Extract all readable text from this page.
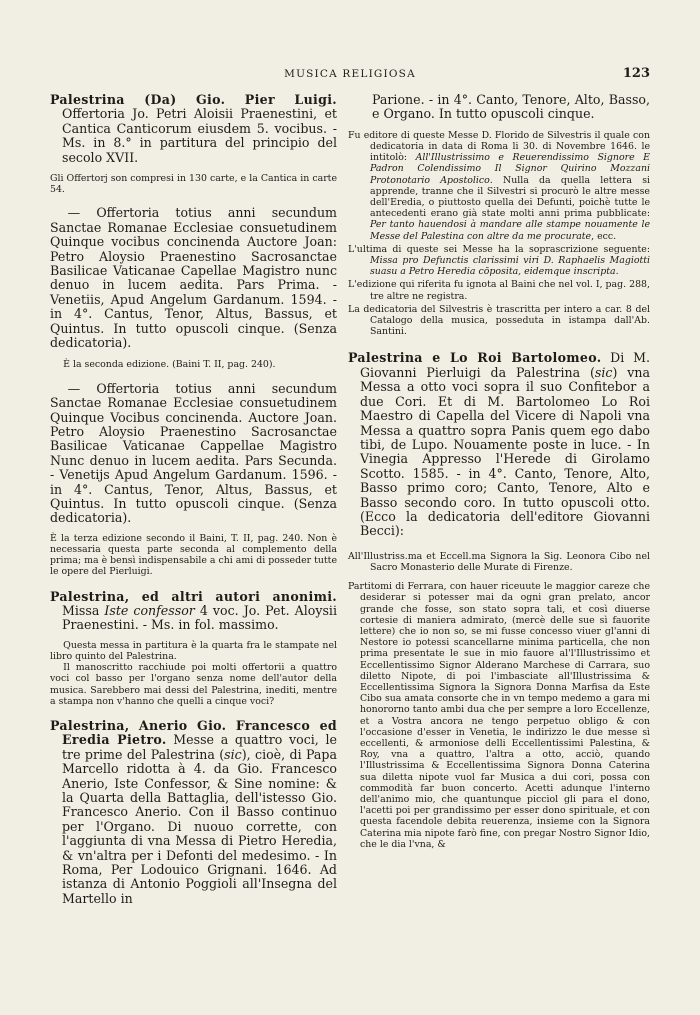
MUSICA RELIGIOSA	123

Palestrina (Da) Gio. Pier Luigi. Offertoria Jo. Petri Aloisii Praenestini, et Cantica Canticorum eiusdem 5. vocibus. - Ms. in 8.° in partitura del principio del secolo XVII.

Gli Offertorj son compresi in 130 carte, e la Cantica in carte 54.

— Offertoria totius anni secundum Sanctae Romanae Ecclesiae consuetudinem Quinque vocibus concinenda Auctore Joan: Petro Aloysio Praenestino Sacrosanctae Basilicae Vaticanae Capellae Magistro nunc denuo in lucem aedita. Pars Prima. - Venetiis, Apud Angelum Gardanum. 1594. - in 4°. Cantus, Tenor, Altus, Bassus, et Quintus. In tutto opuscoli cinque. (Senza dedicatoria).

È la seconda edizione. (Baini T. II, pag. 240).

— Offertoria totius anni secundum Sanctae Romanae Ecclesiae consuetudinem Quinque Vocibus concinenda. Auctore Joan. Petro Aloysio Praenestino Sacrosanctae Basilicae Vaticanae Cappellae Magistro Nunc denuo in lucem aedita. Pars Secunda. - Venetijs Apud Angelum Gardanum. 1596. - in 4°. Cantus, Tenor, Altus, Bassus, et Quintus. In tutto opuscoli cinque. (Senza dedicatoria).

È la terza edizione secondo il Baini, T. II, pag. 240. Non è necessaria questa parte seconda al complemento della prima; ma è bensì indispensabile a chi ami di posseder tutte le opere del Pierluigi.

Palestrina, ed altri autori anonimi. Missa Iste confessor 4 voc. Jo. Pet. Aloysii Praenestini. - Ms. in fol. massimo.

Questa messa in partitura è la quarta fra le stampate nel libro quinto del Palestrina.

Il manoscritto racchiude poi molti offertorii a quattro voci col basso per l'organo senza nome dell'autor della musica. Sarebbero mai dessi del Palestrina, inediti, mentre a stampa non v'hanno che quelli a cinque voci?

Palestrina, Anerio Gio. Francesco ed Eredia Pietro. Messe a quattro voci, le tre prime del Palestrina (sic), cioè, di Papa Marcello ridotta à 4. da Gio. Francesco Anerio, Iste Confessor, & Sine nomine: & la Quarta della Battaglia, dell'istesso Gio. Francesco Anerio. Con il Basso continuo per l'Organo. Di nuouo corrette, con l'aggiunta di vna Messa di Pietro Heredia, & vn'altra per i Defonti del medesimo. - In Roma, Per Lodouico Grignani. 1646. Ad istanza di Antonio Poggioli all'Insegna del Martello in

Parione. - in 4°. Canto, Tenore, Alto, Basso, e Organo. In tutto opuscoli cinque.

Fu editore di queste Messe D. Florido de Silvestris il quale con dedicatoria in data di Roma li 30. di Novembre 1646. le intitolò: All'Illustrissimo e Reuerendissimo Signore E Padron Colendissimo Il Signor Quirino Mozzani Protonotario Apostolico. Nulla da quella lettera si apprende, tranne che il Silvestri si procurò le altre messe dell'Eredia, o piuttosto quella dei Defunti, poichè tutte le antecedenti erano già state molti anni prima pubblicate: Per tanto hauendosi à mandare alle stampe nouamente le Messe del Palestina con altre da me procurate, ecc.

L'ultima di queste sei Messe ha la soprascrizione seguente: Missa pro Defunctis clarissimi viri D. Raphaelis Magiotti suasu a Petro Heredia cōposita, eidemque inscripta.

L'edizione qui riferita fu ignota al Baini che nel vol. I, pag. 288, tre altre ne registra.

La dedicatoria del Silvestris è trascritta per intero a car. 8 del Catalogo della musica, posseduta in istampa dall'Ab. Santini.

Palestrina e Lo Roi Bartolomeo. Di M. Giovanni Pierluigi da Palestrina (sic) vna Messa a otto voci sopra il suo Confitebor a due Cori. Et di M. Bartolomeo Lo Roi Maestro di Capella del Vicere di Napoli vna Messa a quattro sopra Panis quem ego dabo tibi, de Lupo. Nouamente poste in luce. - In Vinegia Appresso l'Herede di Girolamo Scotto. 1585. - in 4°. Canto, Tenore, Alto, Basso primo coro; Canto, Tenore, Alto e Basso secondo coro. In tutto opuscoli otto. (Ecco la dedicatoria dell'editore Giovanni Becci):

All'Illustriss.ma et Eccell.ma Signora la Sig. Leonora Cibo nel Sacro Monasterio delle Murate di Firenze.

Partitomi di Ferrara, con hauer riceuute le maggior careze che desiderar si potesser mai da ogni gran prelato, ancor grande che fosse, son stato sopra tali, et così diuerse cortesie di maniera admirato, (mercè delle sue sì fauorite lettere) che io non so, se mi fusse concesso viuer gl'anni di Nestore io potessi scancellarne minima particella, che non prima presentate le sue in mio fauore al'l'Illustrissimo et Eccellentissimo Signor Alderano Marchese di Carrara, suo diletto Nipote, di poi l'imbasciate all'Illustrissima & Eccellentissima Signora la Signora Donna Marfisa da Este Cibo sua amata consorte che in vn tempo medemo a gara mi honororno tanto ambi dua che per sempre a loro Eccellenze, et a Vostra ancora ne tengo perpetuo obligo & con l'occasione d'esser in Venetia, le indirizzo le due messe sì eccellenti, & armoniose delli Eccellentissimi Palestina, & Roy, vna a quattro, l'altra a otto, acciò, quando l'Illustrissima & Eccellentissima Signora Donna Caterina sua diletta nipote vuol far Musica a dui cori, possa con commodità far buon concerto. Acetti adunque l'interno dell'animo mio, che quantunque picciol gli para el dono, l'acetti poi per grandissimo per esser dono spirituale, et con questa facendole debita reuerenza, insieme con la Signora Caterina mia nipote farò fine, con pregar Nostro Signor Idio, che le dia l'vna, &
